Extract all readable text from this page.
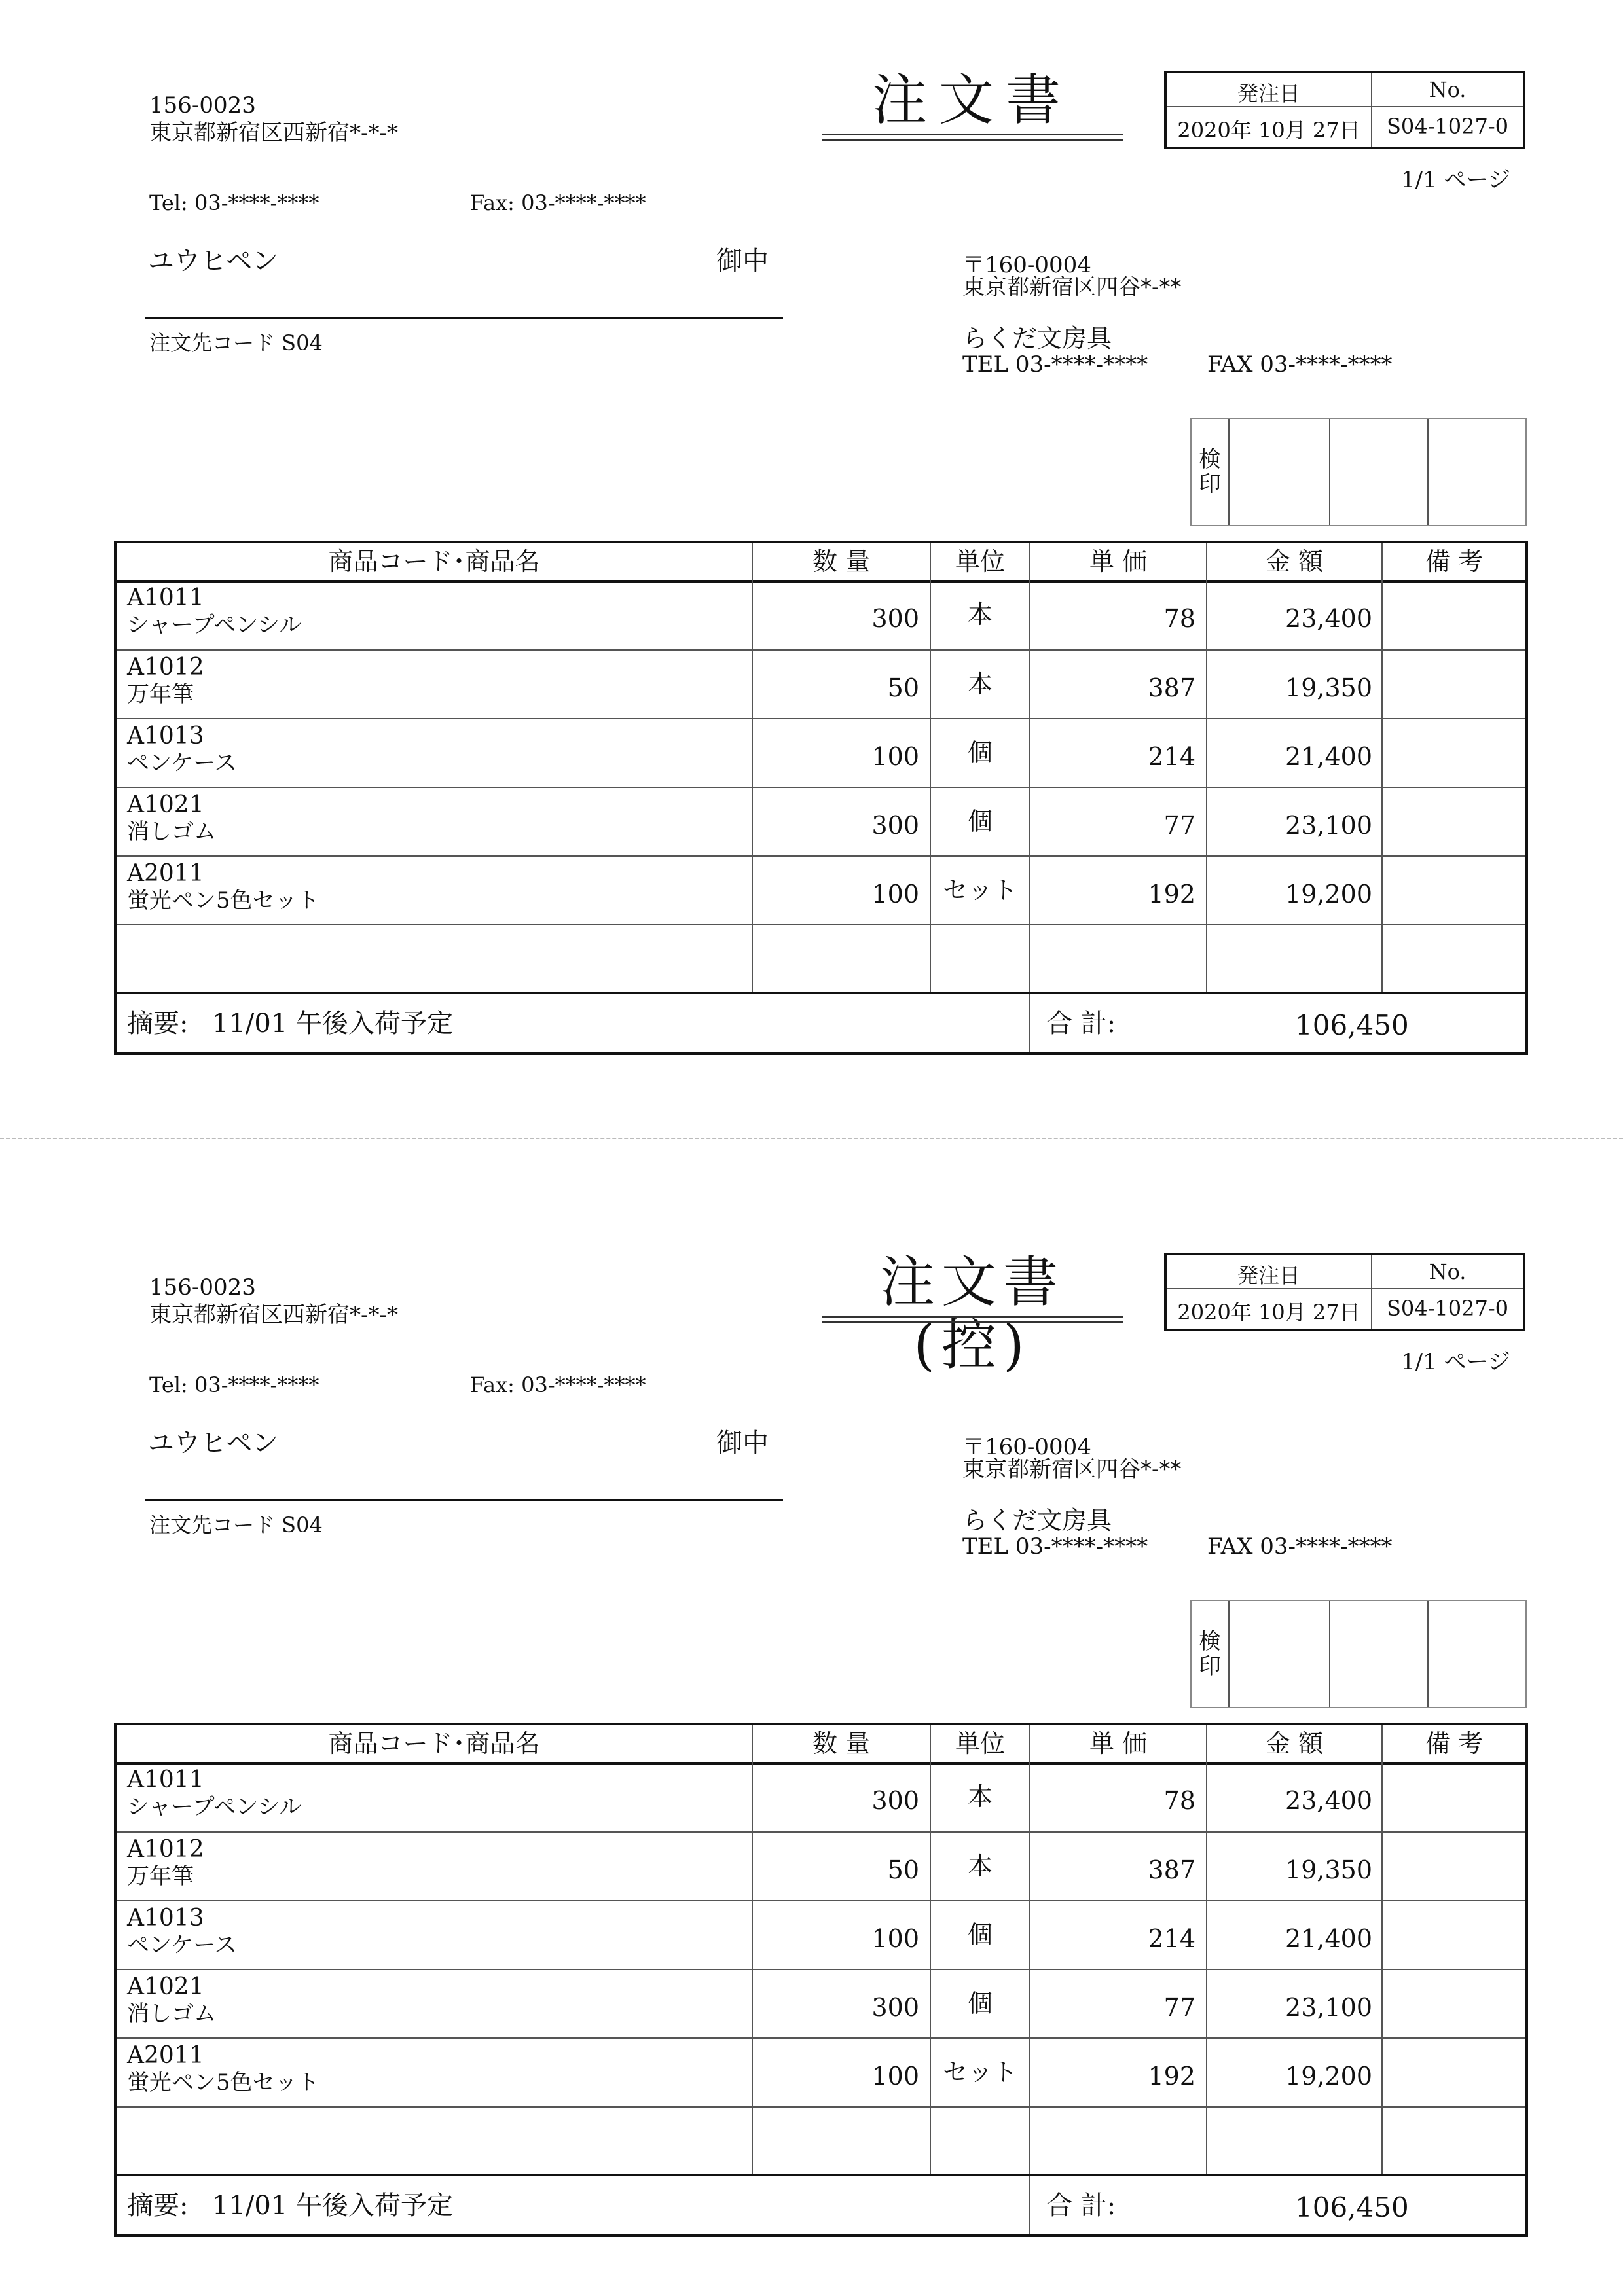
156-0023
東京都新宿区西新宿*-*-*
Tel: 03-****-****	Fax: 03-****-****
注文書	発注日	No.
2020年 10月 27日	S04-1027-0
1/1 ページ
ユウヒペン	御中
注文先コード S04
〒160-0004
東京都新宿区四谷*-**
らくだ文房具
TEL 03-****-****	FAX 03-****-****
検
印
商品コード･商品名	数 量	単位	単 価	金 額	備 考
A1011
シャープペンシル	300	本	78	23,400
A1012
万年筆	50	本	387	19,350
A1013
ペンケース	100	個	214	21,400
A1021
消しゴム	300	個	77	23,100
A2011
蛍光ペン5色セット	100 セット	192	19,200
摘要: 11/01 午後入荷予定	合 計:	106,450
156-0023
東京都新宿区西新宿*-*-*
Tel: 03-****-****	Fax: 03-****-****
注文書(控)
発注日	No.
2020年 10月 27日	S04-1027-0
1/1 ページ
ユウヒペン	御中
注文先コード S04
〒160-0004
東京都新宿区四谷*-**
らくだ文房具
TEL 03-****-****	FAX 03-****-****
検
印
商品コード･商品名	数 量	単位	単 価	金 額	備 考
A1011
シャープペンシル	300	本	78	23,400
A1012
万年筆	50	本	387	19,350
A1013
ペンケース	100	個	214	21,400
A1021
消しゴム	300	個	77	23,100
A2011
蛍光ペン5色セット	100 セット	192	19,200
摘要: 11/01 午後入荷予定	合 計:	106,450
